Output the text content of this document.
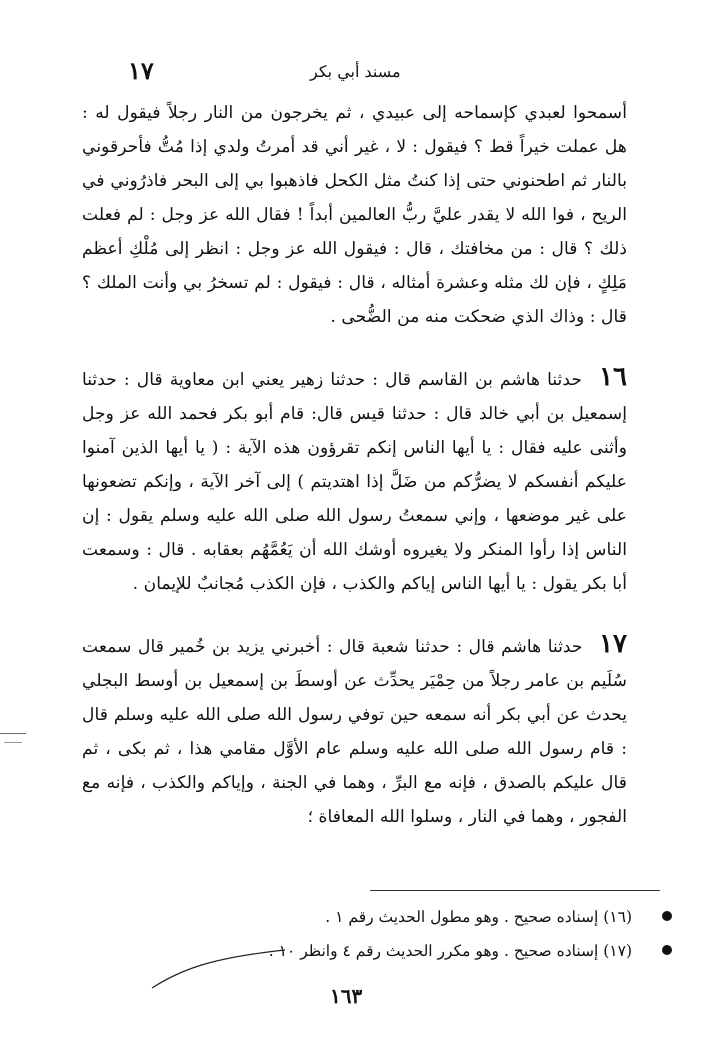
١٧	مسند أبي بكر

أسمحوا لعبدي كإسماحه إلى عبيدي ، ثم يخرجون من النار رجلاً فيقول له : هل عملت خيراً قط ؟ فيقول : لا ، غير أني قد أمرتُ ولدي إذا مُتُّ فأحرقوني بالنار ثم اطحنوني حتى إذا كنتُ مثل الكحل فاذهبوا بي إلى البحر فاذرُوني في الريح ، فوا الله لا يقدر عليَّ ربُّ العالمين أبداً ! فقال الله عز وجل : لم فعلت ذلك ؟ قال : من مخافتك ، قال : فيقول الله عز وجل : انظر إلى مُلْكِ أعظم مَلِكٍ ، فإن لك مثله وعشرة أمثاله ، قال : فيقول : لم تسخرُ بي وأنت الملك ؟ قال : وذاك الذي ضحكت منه من الضُّحى .

١٦ حدثنا هاشم بن القاسم قال : حدثنا زهير يعني ابن معاوية قال : حدثنا إسمعيل بن أبي خالد قال : حدثنا قيس قال: قام أبو بكر فحمد الله عز وجل وأثنى عليه فقال : يا أيها الناس إنكم تقرؤون هذه الآية : ( يا أيها الذين آمنوا عليكم أنفسكم لا يضرُّكم من ضَلَّ إذا اهتديتم ) إلى آخر الآية ، وإنكم تضعونها على غير موضعها ، وإني سمعتُ رسول الله صلى الله عليه وسلم يقول : إن الناس إذا رأوا المنكر ولا يغيروه أوشك الله أن يَعُمَّهُم بعقابه . قال : وسمعت أبا بكر يقول : يا أيها الناس إياكم والكذب ، فإن الكذب مُجانبٌ للإيمان .

١٧ حدثنا هاشم قال : حدثنا شعبة قال : أخبرني يزيد بن خُمير قال سمعت سُلَيم بن عامر رجلاً من حِمْيَر يحدِّث عن أوسطَ بن إسمعيل بن أوسط البجلي يحدث عن أبي بكر أنه سمعه حين توفي رسول الله صلى الله عليه وسلم قال : قام رسول الله صلى الله عليه وسلم عام الأوَّل مقامي هذا ، ثم بكى ، ثم قال عليكم بالصدق ، فإنه مع البرِّ ، وهما في الجنة ، وإياكم والكذب ، فإنه مع الفجور ، وهما في النار ، وسلوا الله المعافاة ؛

(١٦) إسناده صحيح . وهو مطول الحديث رقم ١ .
(١٧) إسناده صحيح . وهو مكرر الحديث رقم ٤ وانظر ١٠ .
١٦٣
